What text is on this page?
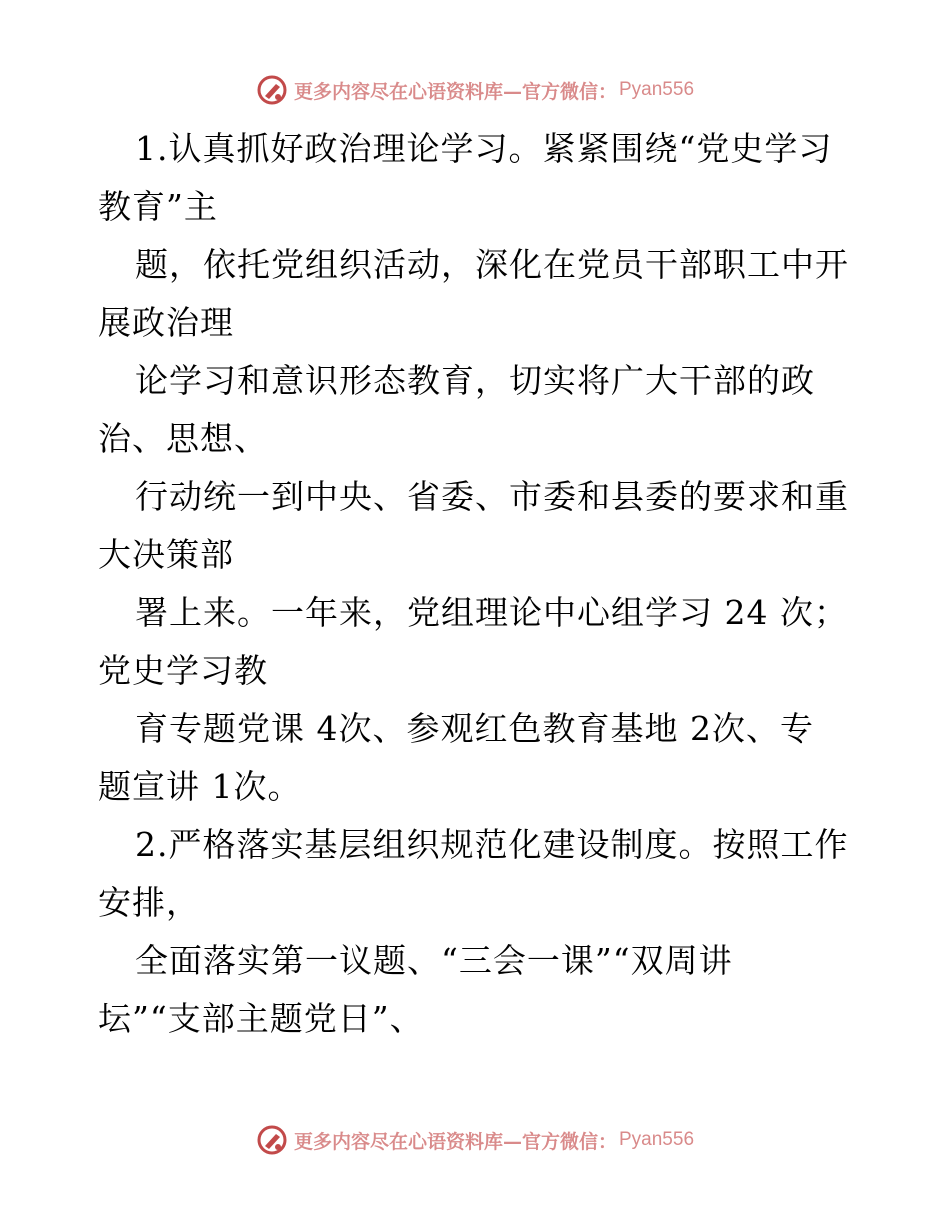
更多内容尽在心语资料库—官方微信： Pyan556
1.认真抓好政治理论学习。紧紧围绕“党史学习
教育”主
题，依托党组织活动，深化在党员干部职工中开
展政治理
论学习和意识形态教育，切实将广大干部的政
治、思想、
行动统一到中央、省委、市委和县委的要求和重
大决策部
署上来。一年来，党组理论中心组学习 24 次；
党史学习教
育专题党课 4次、参观红色教育基地 2次、专
题宣讲 1次。
2.严格落实基层组织规范化建设制度。按照工作
安排，
全面落实第一议题、“三会一课”“双周讲
坛”“支部主题党日”、
更多内容尽在心语资料库—官方微信： Pyan556
